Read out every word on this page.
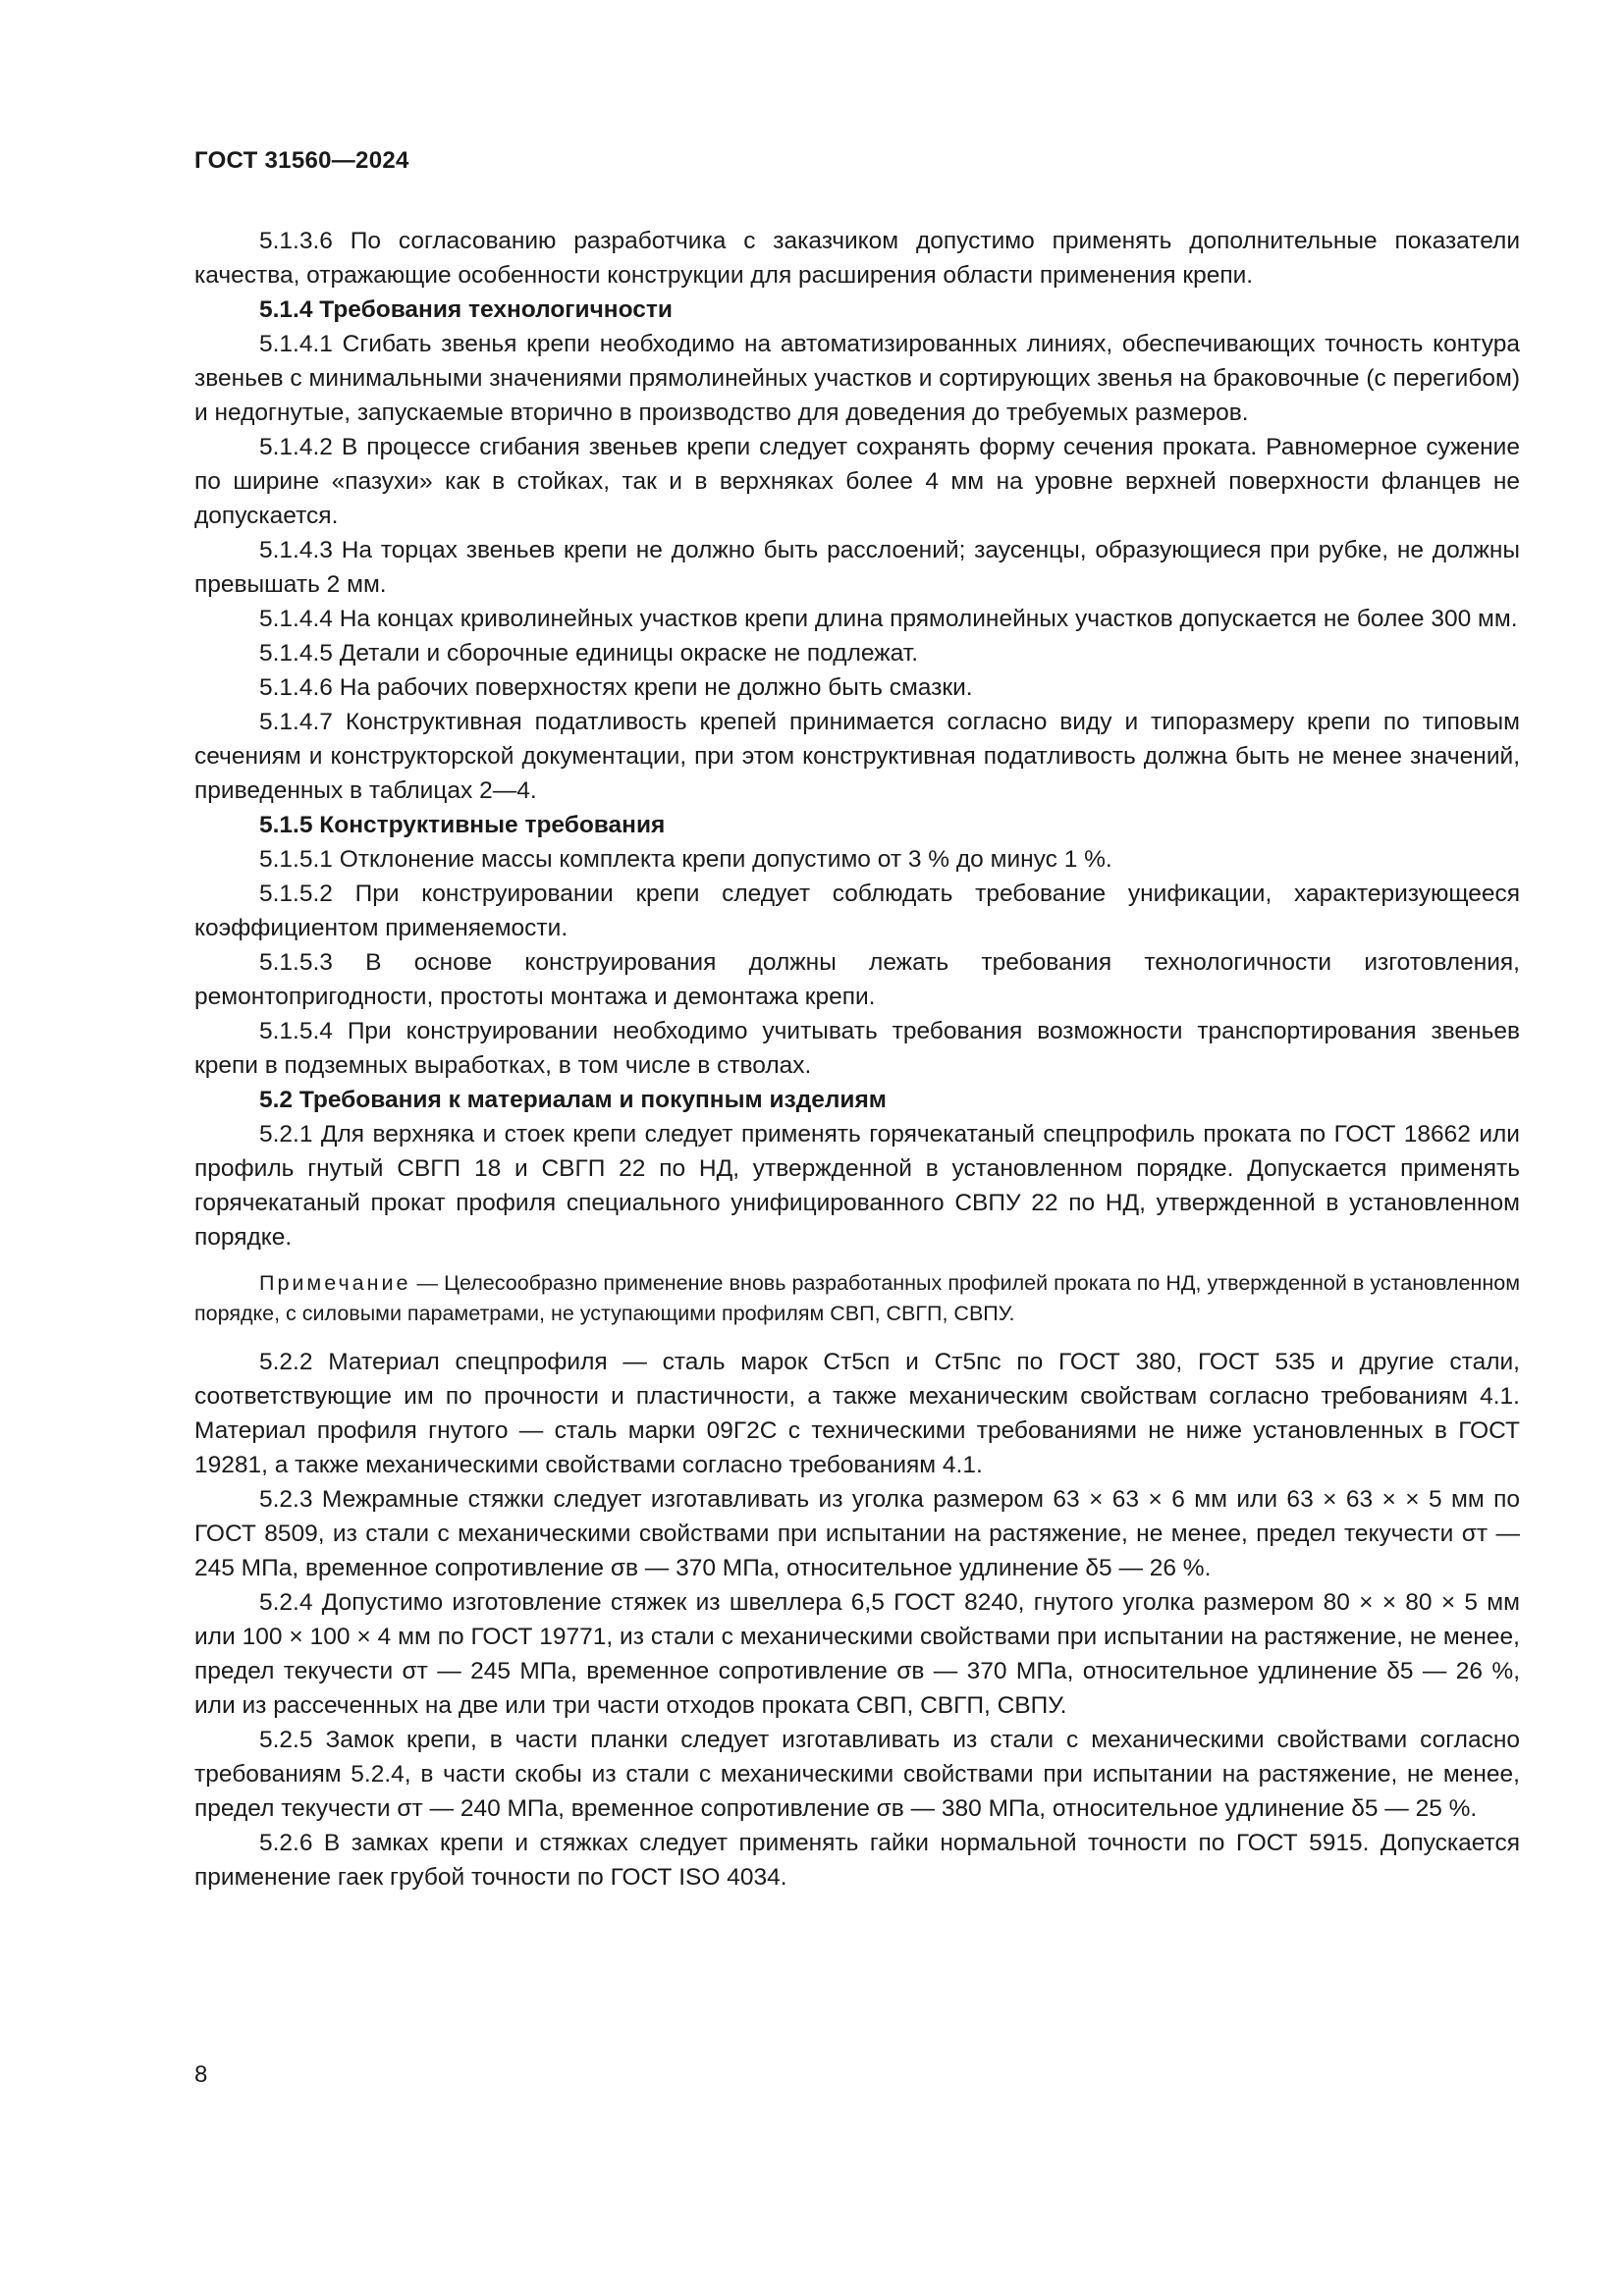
ГОСТ 31560—2024

5.1.3.6 По согласованию разработчика с заказчиком допустимо применять дополнительные показатели качества, отражающие особенности конструкции для расширения области применения крепи.

5.1.4 Требования технологичности

5.1.4.1 Сгибать звенья крепи необходимо на автоматизированных линиях, обеспечивающих точность контура звеньев с минимальными значениями прямолинейных участков и сортирующих звенья на браковочные (с перегибом) и недогнутые, запускаемые вторично в производство для доведения до требуемых размеров.

5.1.4.2 В процессе сгибания звеньев крепи следует сохранять форму сечения проката. Равномерное сужение по ширине «пазухи» как в стойках, так и в верхняках более 4 мм на уровне верхней поверхности фланцев не допускается.

5.1.4.3 На торцах звеньев крепи не должно быть расслоений; заусенцы, образующиеся при рубке, не должны превышать 2 мм.

5.1.4.4 На концах криволинейных участков крепи длина прямолинейных участков допускается не более 300 мм.

5.1.4.5 Детали и сборочные единицы окраске не подлежат.

5.1.4.6 На рабочих поверхностях крепи не должно быть смазки.

5.1.4.7 Конструктивная податливость крепей принимается согласно виду и типоразмеру крепи по типовым сечениям и конструкторской документации, при этом конструктивная податливость должна быть не менее значений, приведенных в таблицах 2—4.

5.1.5 Конструктивные требования

5.1.5.1 Отклонение массы комплекта крепи допустимо от 3 % до минус 1 %.

5.1.5.2 При конструировании крепи следует соблюдать требование унификации, характеризующееся коэффициентом применяемости.

5.1.5.3 В основе конструирования должны лежать требования технологичности изготовления, ремонтопригодности, простоты монтажа и демонтажа крепи.

5.1.5.4 При конструировании необходимо учитывать требования возможности транспортирования звеньев крепи в подземных выработках, в том числе в стволах.

5.2 Требования к материалам и покупным изделиям

5.2.1 Для верхняка и стоек крепи следует применять горячекатаный спецпрофиль проката по ГОСТ 18662 или профиль гнутый СВГП 18 и СВГП 22 по НД, утвержденной в установленном порядке. Допускается применять горячекатаный прокат профиля специального унифицированного СВПУ 22 по НД, утвержденной в установленном порядке.

Примечание — Целесообразно применение вновь разработанных профилей проката по НД, утвержденной в установленном порядке, с силовыми параметрами, не уступающими профилям СВП, СВГП, СВПУ.

5.2.2 Материал спецпрофиля — сталь марок Ст5сп и Ст5пс по ГОСТ 380, ГОСТ 535 и другие стали, соответствующие им по прочности и пластичности, а также механическим свойствам согласно требованиям 4.1. Материал профиля гнутого — сталь марки 09Г2С с техническими требованиями не ниже установленных в ГОСТ 19281, а также механическими свойствами согласно требованиям 4.1.

5.2.3 Межрамные стяжки следует изготавливать из уголка размером 63 × 63 × 6 мм или 63 × 63 × × 5 мм по ГОСТ 8509, из стали с механическими свойствами при испытании на растяжение, не менее, предел текучести σт — 245 МПа, временное сопротивление σв — 370 МПа, относительное удлинение δ5 — 26 %.

5.2.4 Допустимо изготовление стяжек из швеллера 6,5 ГОСТ 8240, гнутого уголка размером 80 × × 80 × 5 мм или 100 × 100 × 4 мм по ГОСТ 19771, из стали с механическими свойствами при испытании на растяжение, не менее, предел текучести σт — 245 МПа, временное сопротивление σв — 370 МПа, относительное удлинение δ5 — 26 %, или из рассеченных на две или три части отходов проката СВП, СВГП, СВПУ.

5.2.5 Замок крепи, в части планки следует изготавливать из стали с механическими свойствами согласно требованиям 5.2.4, в части скобы из стали с механическими свойствами при испытании на растяжение, не менее, предел текучести σт — 240 МПа, временное сопротивление σв — 380 МПа, относительное удлинение δ5 — 25 %.

5.2.6 В замках крепи и стяжках следует применять гайки нормальной точности по ГОСТ 5915. Допускается применение гаек грубой точности по ГОСТ ISO 4034.

8
